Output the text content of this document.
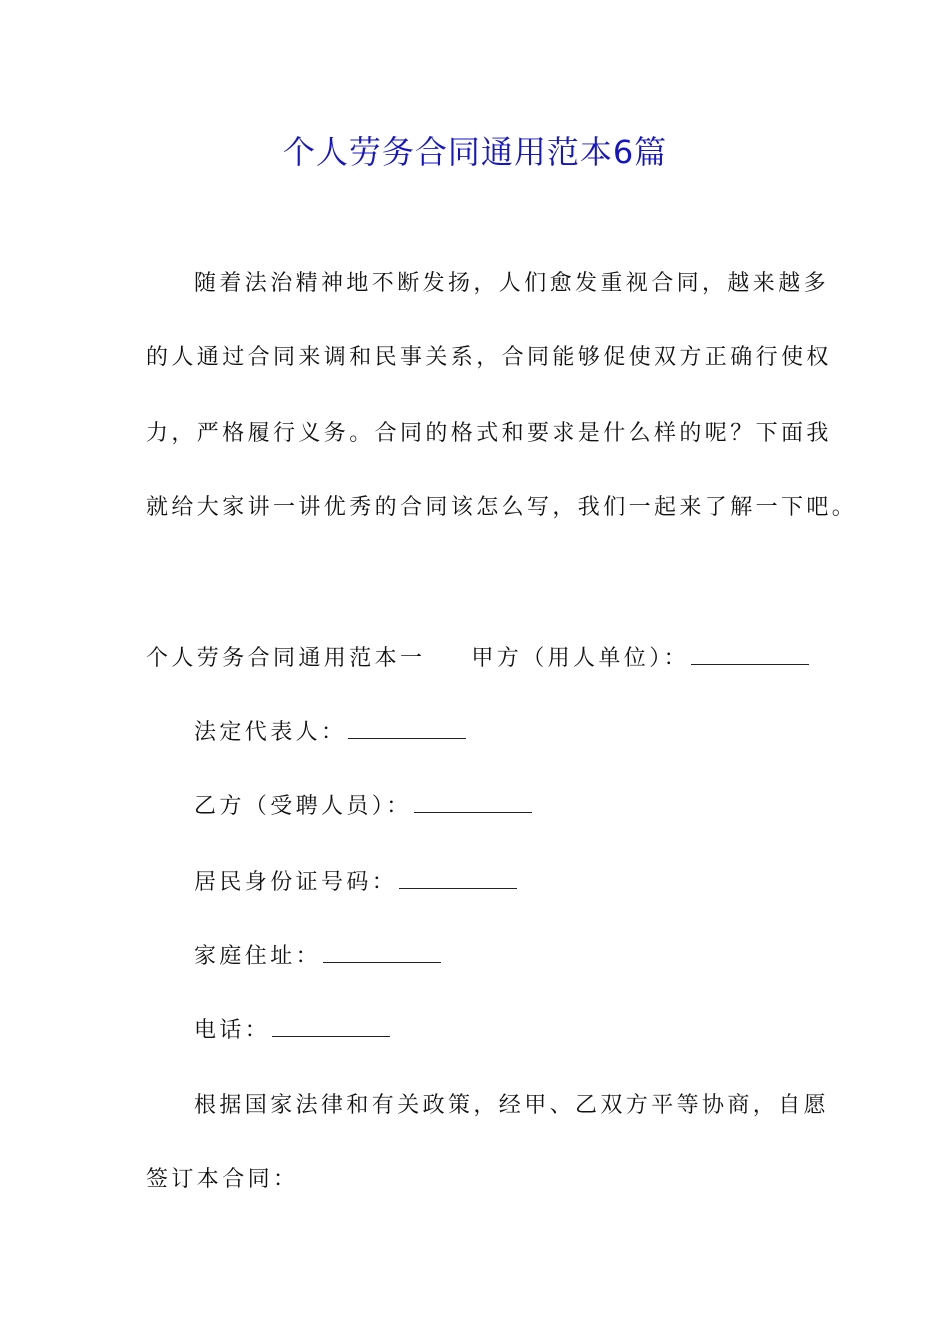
个人劳务合同通用范本6篇
随着法治精神地不断发扬，人们愈发重视合同，越来越多
的人通过合同来调和民事关系，合同能够促使双方正确行使权
力，严格履行义务。合同的格式和要求是什么样的呢？下面我
就给大家讲一讲优秀的合同该怎么写，我们一起来了解一下吧。
个人劳务合同通用范本一 甲方（用人单位）：
法定代表人：
乙方（受聘人员）：
居民身份证号码：
家庭住址：
电话：
根据国家法律和有关政策，经甲、乙双方平等协商，自愿
签订本合同：
